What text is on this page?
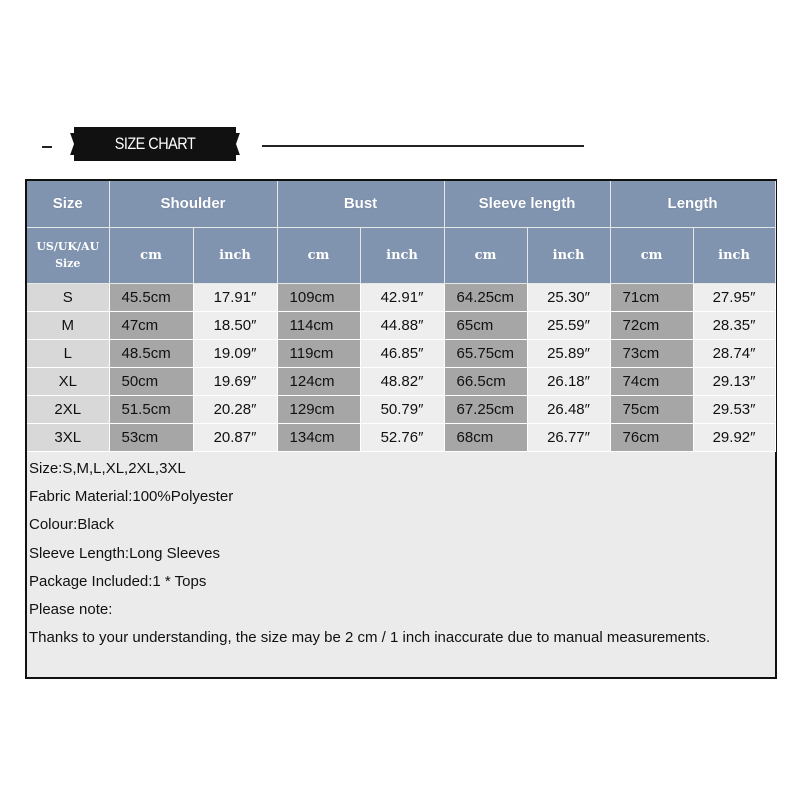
SIZE CHART
Size	Shoulder		Bust		Sleeve length		Length	
US/UK/AU
Size	cm	inch	cm	inch	cm	inch	cm	inch
S	45.5cm	17.91″	109cm	42.91″	64.25cm	25.30″	71cm	27.95″
M	47cm	18.50″	114cm	44.88″	65cm	25.59″	72cm	28.35″
L	48.5cm	19.09″	119cm	46.85″	65.75cm	25.89″	73cm	28.74″
XL	50cm	19.69″	124cm	48.82″	66.5cm	26.18″	74cm	29.13″
2XL	51.5cm	20.28″	129cm	50.79″	67.25cm	26.48″	75cm	29.53″
3XL	53cm	20.87″	134cm	52.76″	68cm	26.77″	76cm	29.92″
Size:S,M,L,XL,2XL,3XL
Fabric Material:100%Polyester
Colour:Black
Sleeve Length:Long Sleeves
Package Included:1 * Tops
Please note:
Thanks to your understanding, the size may be 2 cm / 1 inch inaccurate due to manual measurements.
